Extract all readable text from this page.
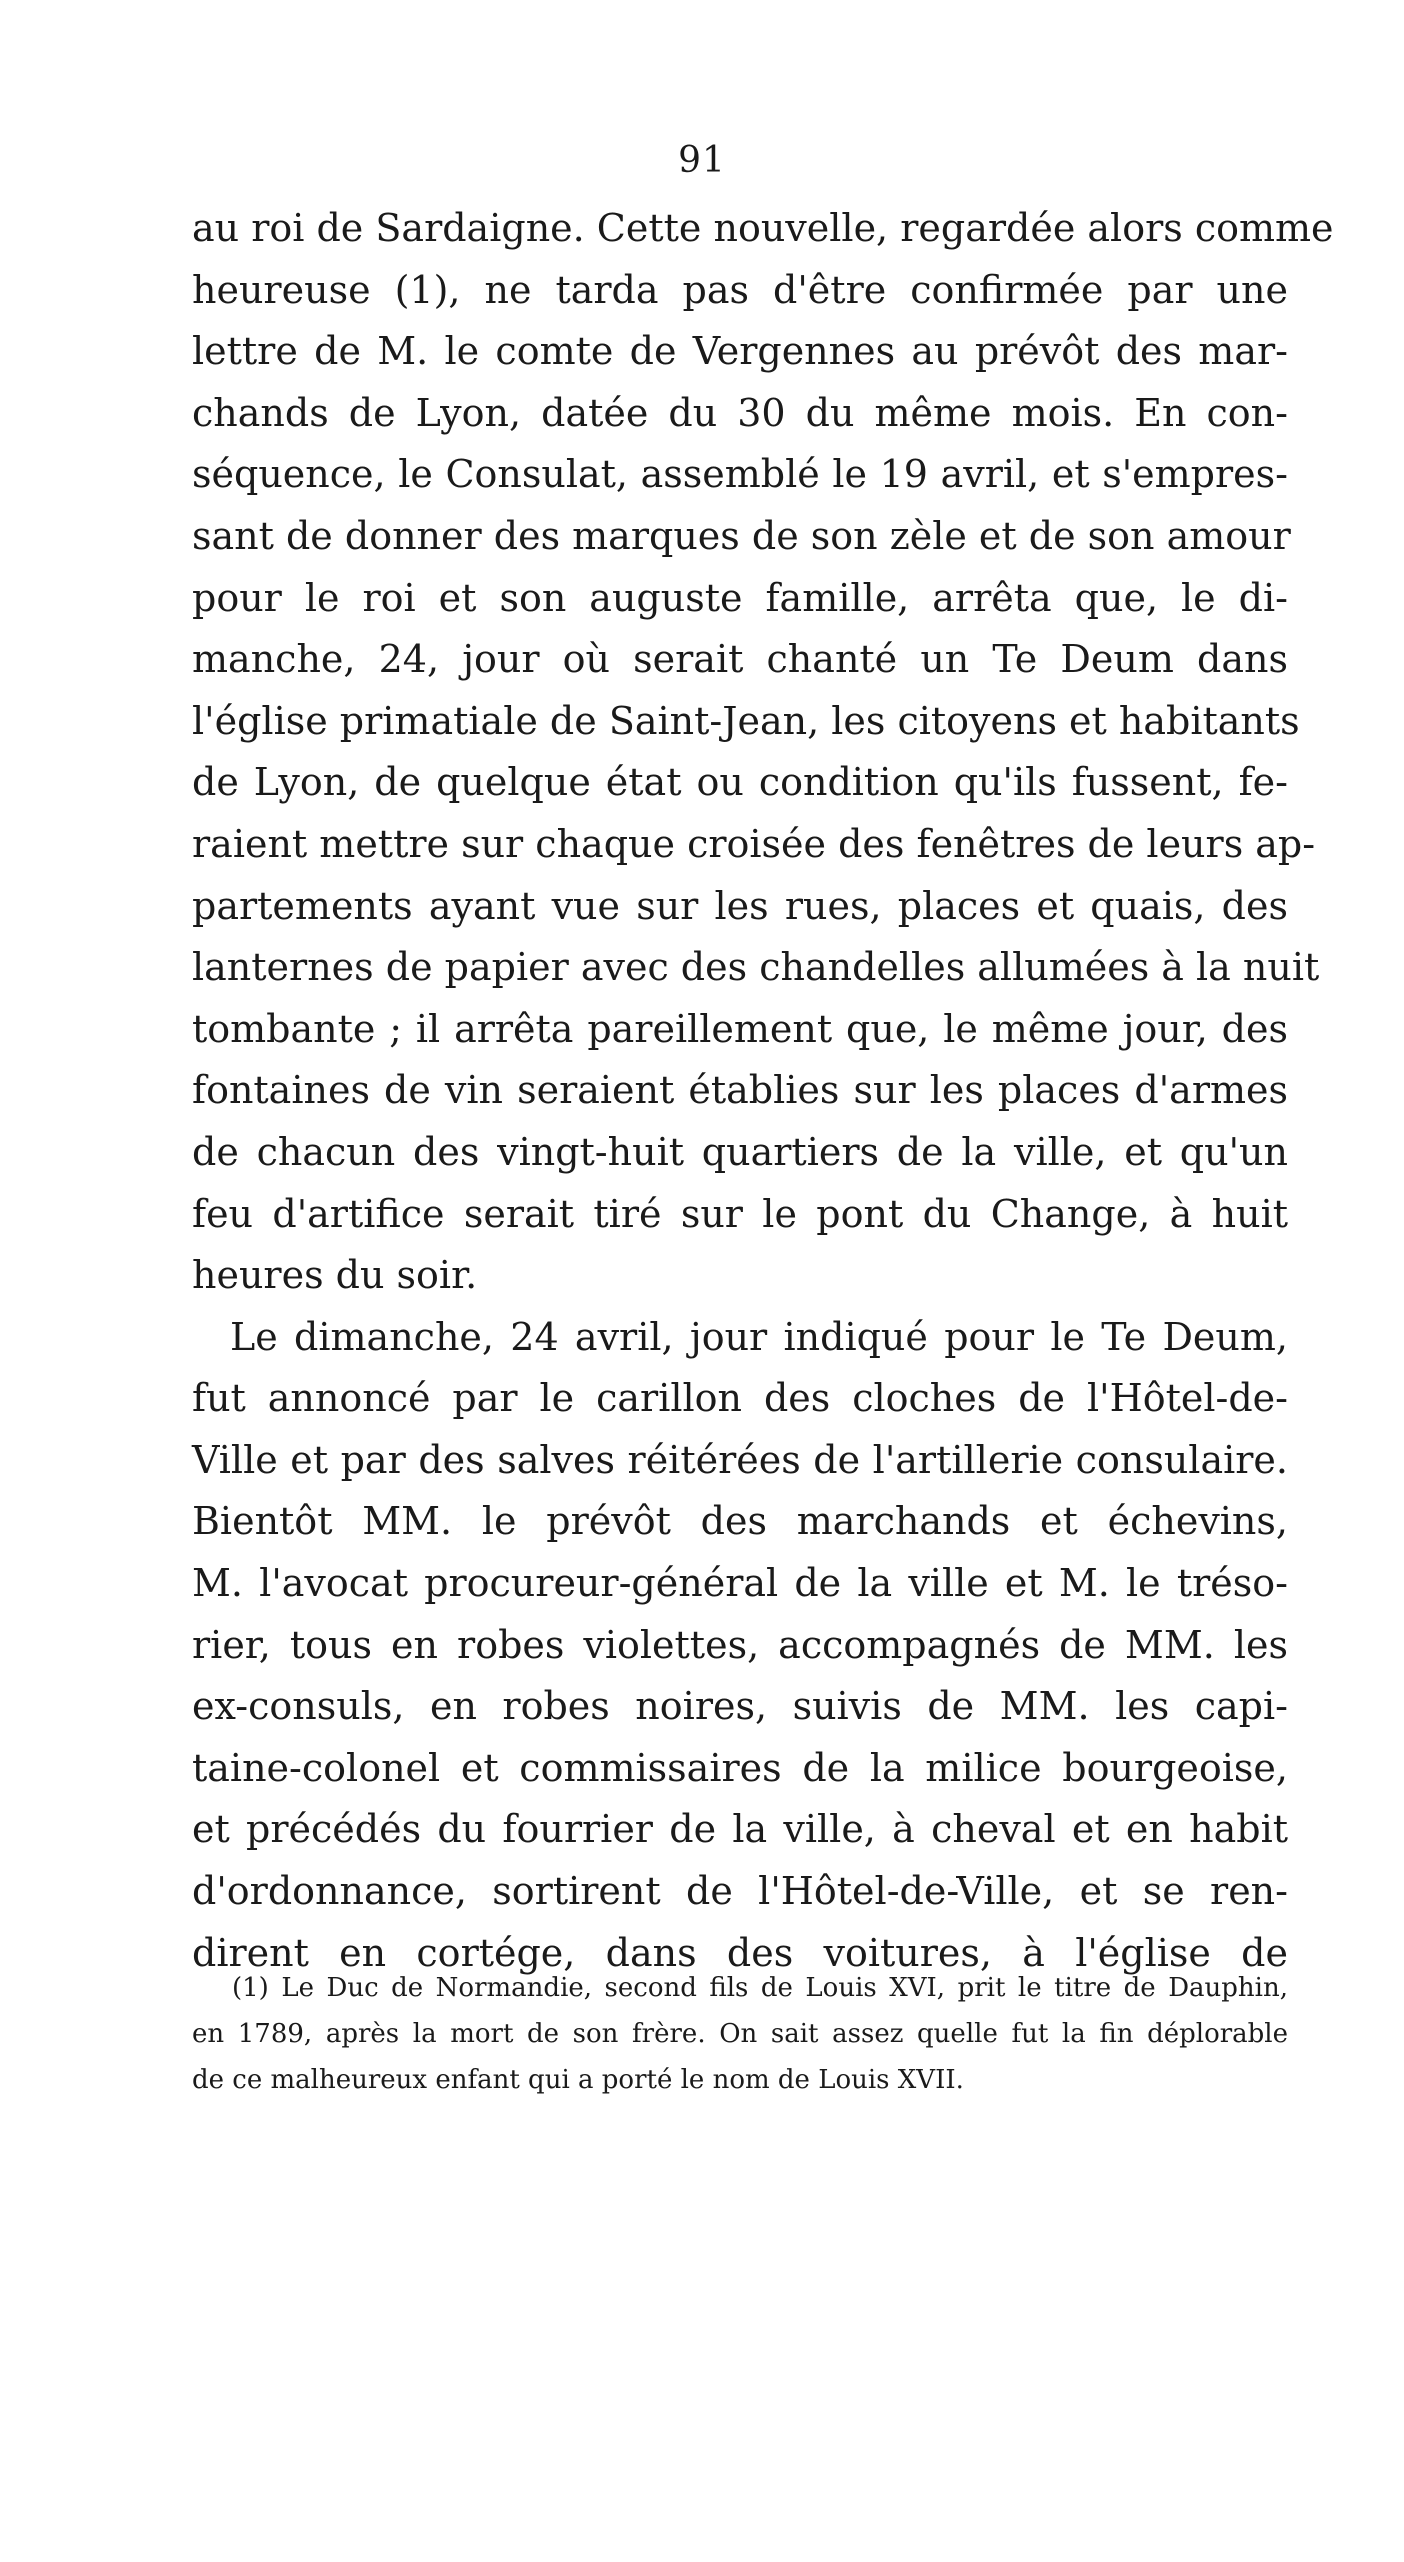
91
au roi de Sardaigne. Cette nouvelle, regardée alors comme
heureuse (1), ne tarda pas d'être confirmée par une
lettre de M. le comte de Vergennes au prévôt des mar-
chands de Lyon, datée du 30 du même mois. En con-
séquence, le Consulat, assemblé le 19 avril, et s'empres-
sant de donner des marques de son zèle et de son amour
pour le roi et son auguste famille, arrêta que, le di-
manche, 24, jour où serait chanté un Te Deum dans
l'église primatiale de Saint-Jean, les citoyens et habitants
de Lyon, de quelque état ou condition qu'ils fussent, fe-
raient mettre sur chaque croisée des fenêtres de leurs ap-
partements ayant vue sur les rues, places et quais, des
lanternes de papier avec des chandelles allumées à la nuit
tombante ; il arrêta pareillement que, le même jour, des
fontaines de vin seraient établies sur les places d'armes
de chacun des vingt-huit quartiers de la ville, et qu'un
feu d'artifice serait tiré sur le pont du Change, à huit
heures du soir.
Le dimanche, 24 avril, jour indiqué pour le Te Deum,
fut annoncé par le carillon des cloches de l'Hôtel-de-
Ville et par des salves réitérées de l'artillerie consulaire.
Bientôt MM. le prévôt des marchands et échevins,
M. l'avocat procureur-général de la ville et M. le tréso-
rier, tous en robes violettes, accompagnés de MM. les
ex-consuls, en robes noires, suivis de MM. les capi-
taine-colonel et commissaires de la milice bourgeoise,
et précédés du fourrier de la ville, à cheval et en habit
d'ordonnance, sortirent de l'Hôtel-de-Ville, et se ren-
dirent en cortége, dans des voitures, à l'église de
(1) Le Duc de Normandie, second fils de Louis XVI, prit le titre de Dauphin,
en 1789, après la mort de son frère. On sait assez quelle fut la fin déplorable
de ce malheureux enfant qui a porté le nom de Louis XVII.
